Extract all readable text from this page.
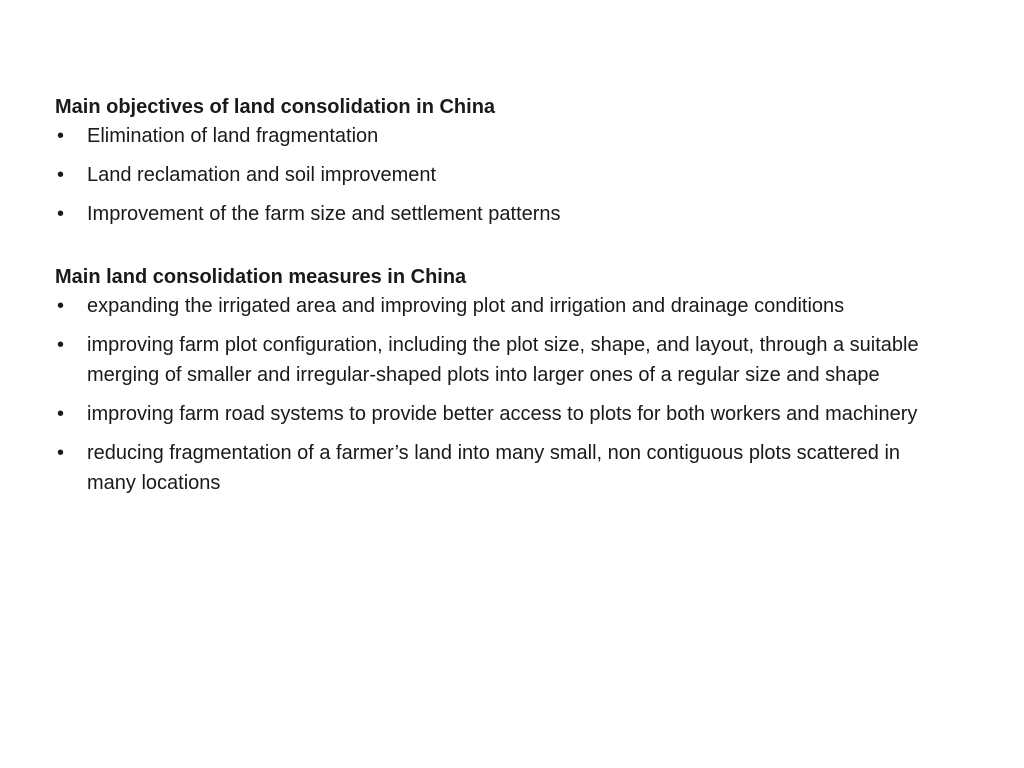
Main objectives of land consolidation in China
•	Elimination of land fragmentation
•	Land reclamation and soil improvement
•	Improvement of the farm size and settlement patterns
Main land consolidation measures in China
•	expanding the irrigated area and improving plot and irrigation and drainage conditions
•	improving farm plot configuration, including the plot size, shape, and layout, through a suitable merging of smaller and irregular-shaped plots into larger ones of a regular size and shape
•	improving farm road systems to provide better access to plots for both workers and machinery
•	reducing fragmentation of a farmer’s land into many small, non contiguous plots scattered in many locations
